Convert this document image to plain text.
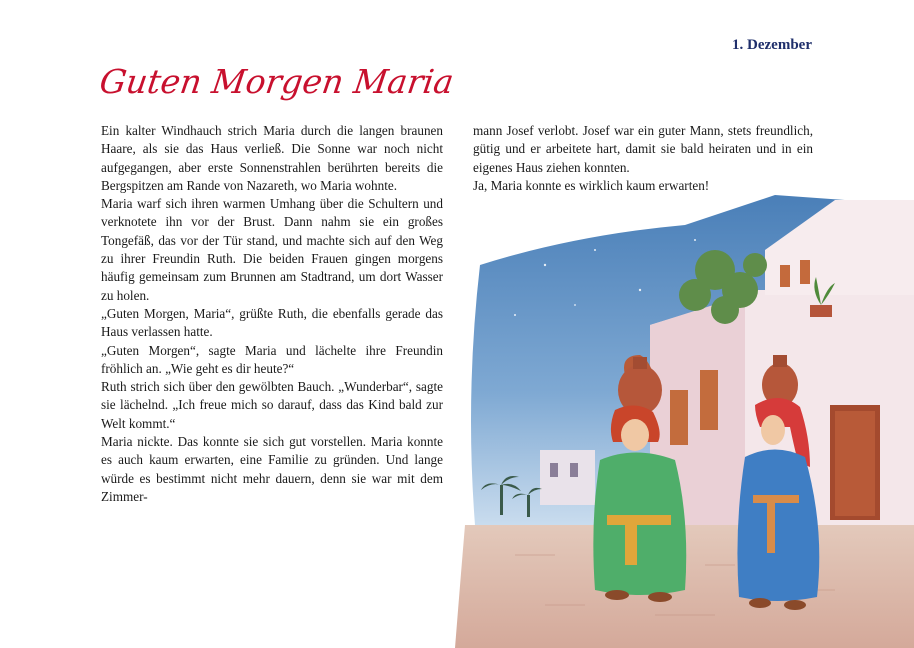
1. Dezember
Guten Morgen Maria

Ein kalter Windhauch strich Maria durch die langen braunen Haare, als sie das Haus verließ. Die Sonne war noch nicht aufgegangen, aber erste Sonnenstrahlen berührten bereits die Bergspitzen am Rande von Nazareth, wo Maria wohnte.

Maria warf sich ihren warmen Umhang über die Schultern und verknotete ihn vor der Brust. Dann nahm sie ein großes Tongefäß, das vor der Tür stand, und machte sich auf den Weg zu ihrer Freundin Ruth. Die beiden Frauen gingen morgens häufig gemeinsam zum Brunnen am Stadtrand, um dort Wasser zu holen.

„Guten Morgen, Maria“, grüßte Ruth, die ebenfalls gerade das Haus verlassen hatte.

„Guten Morgen“, sagte Maria und lächelte ihre Freundin fröhlich an. „Wie geht es dir heute?“

Ruth strich sich über den gewölbten Bauch. „Wunderbar“, sagte sie lächelnd. „Ich freue mich so darauf, dass das Kind bald zur Welt kommt.“

Maria nickte. Das konnte sie sich gut vorstellen. Maria konnte es auch kaum erwarten, eine Familie zu gründen. Und lange würde es bestimmt nicht mehr dauern, denn sie war mit dem Zimmer-

mann Josef verlobt. Josef war ein guter Mann, stets freundlich, gütig und er arbeitete hart, damit sie bald heiraten und in ein eigenes Haus ziehen konnten.

Ja, Maria konnte es wirklich kaum erwarten!
